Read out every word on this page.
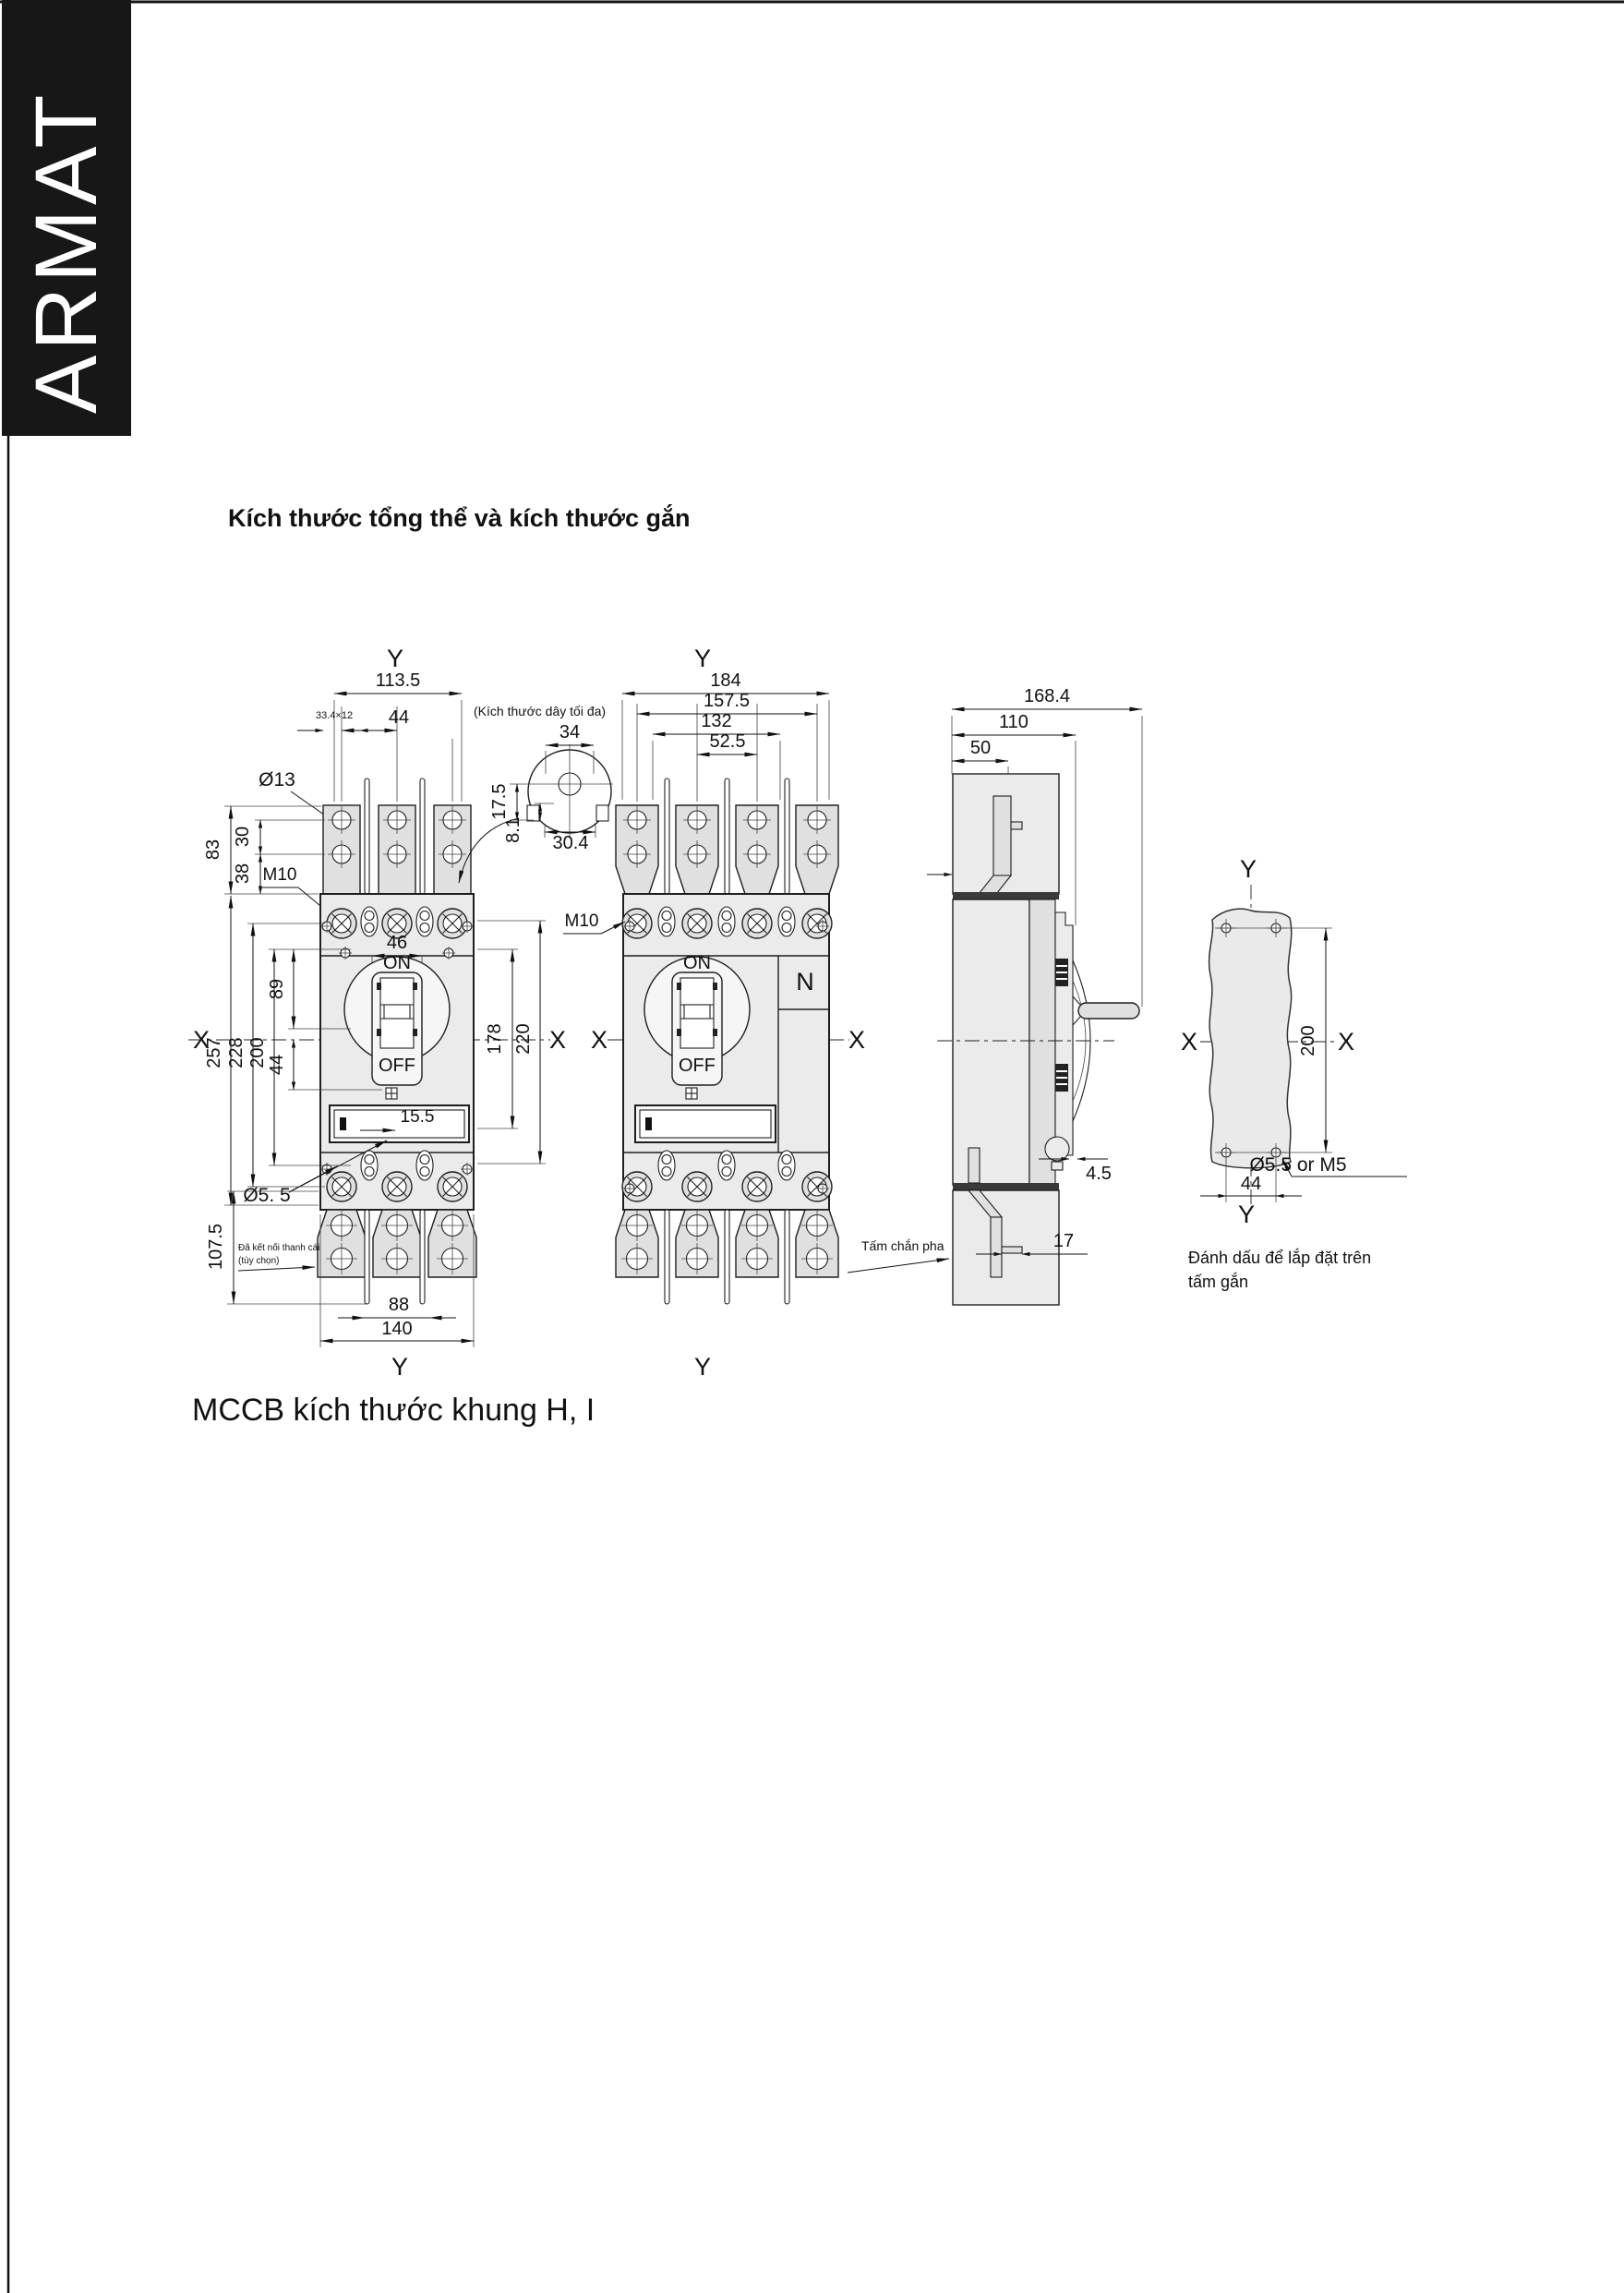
ARMAT
Kích thước tổng thể và kích thước gắn
MCCB kích thước khung H, I
Y
Y
X	X
113.5
44
33.4×12
Ø13
83
30
38 M10
46
ON
OFF
15.5
Ø5. 5
257 228 200
89
44
178 220
107.5 Đã kết nối thanh cái
(tùy chọn)
88
140
(Kích thước dây tối đa)
34
17.5
8.1
30.4
Y
Y
X	X
184
157.5
132
52.5
M10
N
ON
OFF
168.4
110
50
4.5
17
Tấm chắn pha
Y
Y
X	X
200
44
Ø5.5 or M5
Đánh dấu để lắp đặt trên
tấm gắn
